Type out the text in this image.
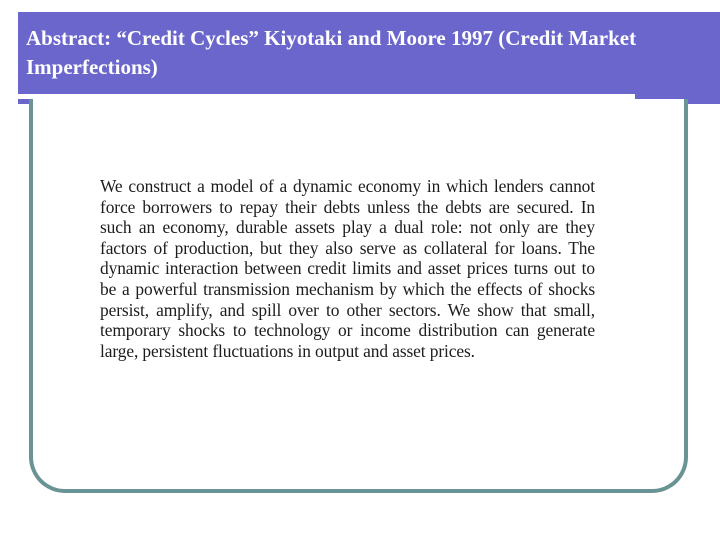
Abstract: “Credit Cycles” Kiyotaki and Moore 1997 (Credit Market Imperfections)

We construct a model of a dynamic economy in which lenders cannot force borrowers to repay their debts unless the debts are secured. In such an economy, durable assets play a dual role: not only are they factors of production, but they also serve as collateral for loans. The dynamic interaction between credit limits and asset prices turns out to be a powerful transmission mechanism by which the effects of shocks persist, amplify, and spill over to other sectors. We show that small, temporary shocks to technology or income distribution can generate large, persistent fluctuations in output and asset prices.
